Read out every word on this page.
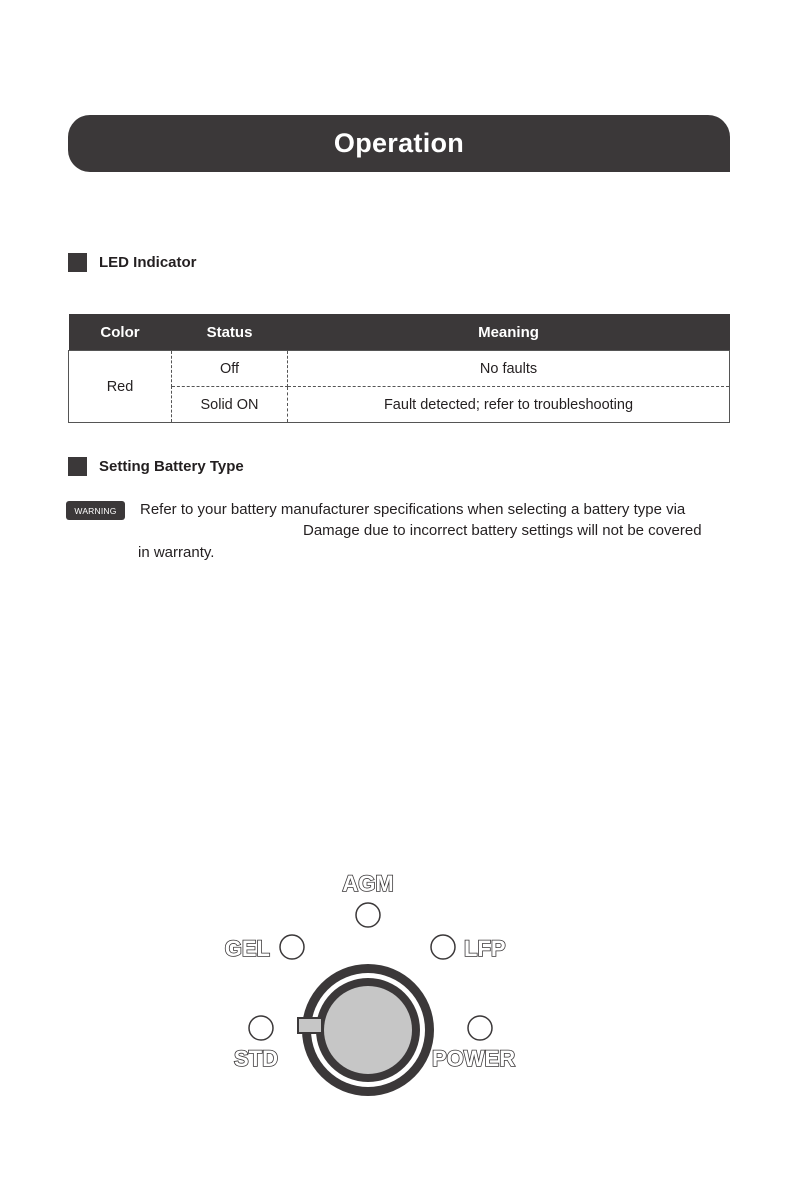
Operation
LED Indicator
Color	Status	Meaning
Red	Off	No faults
	Solid ON	Fault detected; refer to troubleshooting
Setting Battery Type
WARNING	Refer to your battery manufacturer specifications when selecting a battery type via
Damage due to incorrect battery settings will not be covered
in warranty.
AGM
GEL	LFP
STD	POWER
